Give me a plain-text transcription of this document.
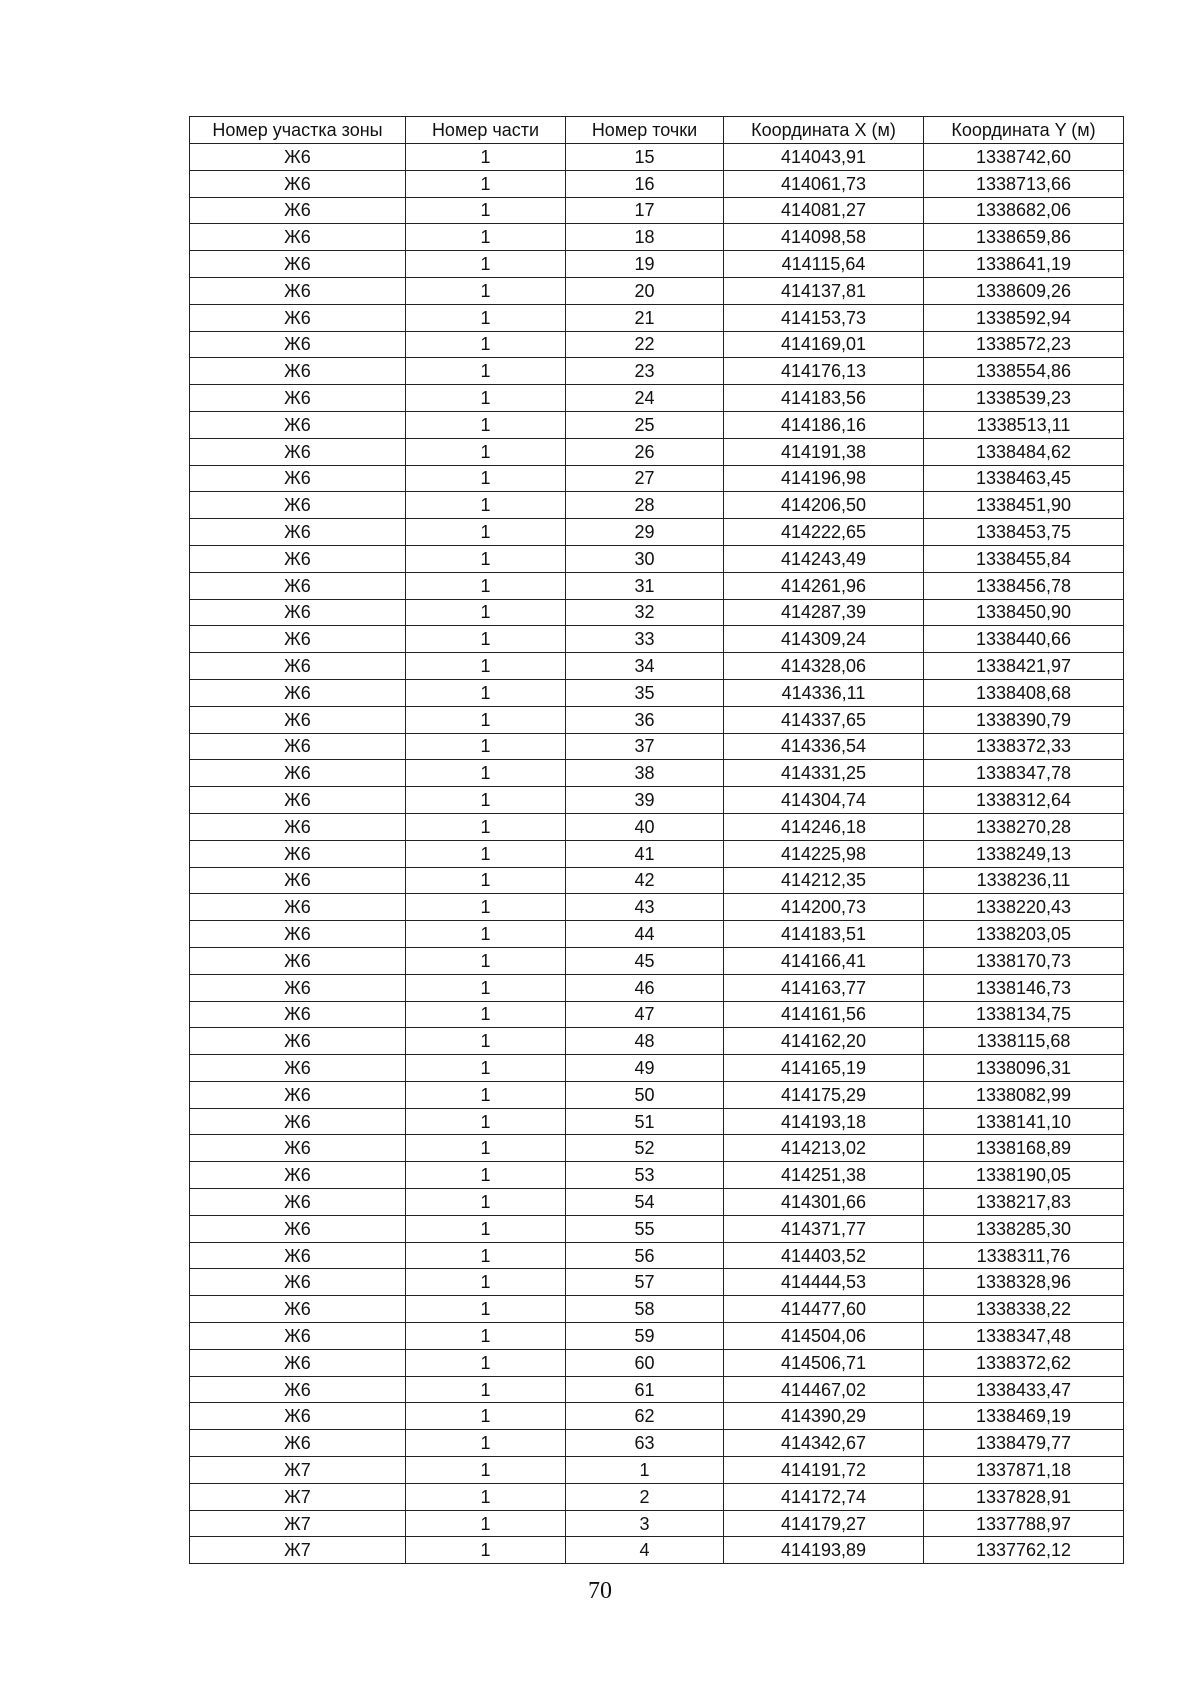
Номер участка зоны	Номер части	Номер точки	Координата X (м)	Координата Y (м)
Ж6	1	15	414043,91	1338742,60
Ж6	1	16	414061,73	1338713,66
Ж6	1	17	414081,27	1338682,06
Ж6	1	18	414098,58	1338659,86
Ж6	1	19	414115,64	1338641,19
Ж6	1	20	414137,81	1338609,26
Ж6	1	21	414153,73	1338592,94
Ж6	1	22	414169,01	1338572,23
Ж6	1	23	414176,13	1338554,86
Ж6	1	24	414183,56	1338539,23
Ж6	1	25	414186,16	1338513,11
Ж6	1	26	414191,38	1338484,62
Ж6	1	27	414196,98	1338463,45
Ж6	1	28	414206,50	1338451,90
Ж6	1	29	414222,65	1338453,75
Ж6	1	30	414243,49	1338455,84
Ж6	1	31	414261,96	1338456,78
Ж6	1	32	414287,39	1338450,90
Ж6	1	33	414309,24	1338440,66
Ж6	1	34	414328,06	1338421,97
Ж6	1	35	414336,11	1338408,68
Ж6	1	36	414337,65	1338390,79
Ж6	1	37	414336,54	1338372,33
Ж6	1	38	414331,25	1338347,78
Ж6	1	39	414304,74	1338312,64
Ж6	1	40	414246,18	1338270,28
Ж6	1	41	414225,98	1338249,13
Ж6	1	42	414212,35	1338236,11
Ж6	1	43	414200,73	1338220,43
Ж6	1	44	414183,51	1338203,05
Ж6	1	45	414166,41	1338170,73
Ж6	1	46	414163,77	1338146,73
Ж6	1	47	414161,56	1338134,75
Ж6	1	48	414162,20	1338115,68
Ж6	1	49	414165,19	1338096,31
Ж6	1	50	414175,29	1338082,99
Ж6	1	51	414193,18	1338141,10
Ж6	1	52	414213,02	1338168,89
Ж6	1	53	414251,38	1338190,05
Ж6	1	54	414301,66	1338217,83
Ж6	1	55	414371,77	1338285,30
Ж6	1	56	414403,52	1338311,76
Ж6	1	57	414444,53	1338328,96
Ж6	1	58	414477,60	1338338,22
Ж6	1	59	414504,06	1338347,48
Ж6	1	60	414506,71	1338372,62
Ж6	1	61	414467,02	1338433,47
Ж6	1	62	414390,29	1338469,19
Ж6	1	63	414342,67	1338479,77
Ж7	1	1	414191,72	1337871,18
Ж7	1	2	414172,74	1337828,91
Ж7	1	3	414179,27	1337788,97
Ж7	1	4	414193,89	1337762,12
70
